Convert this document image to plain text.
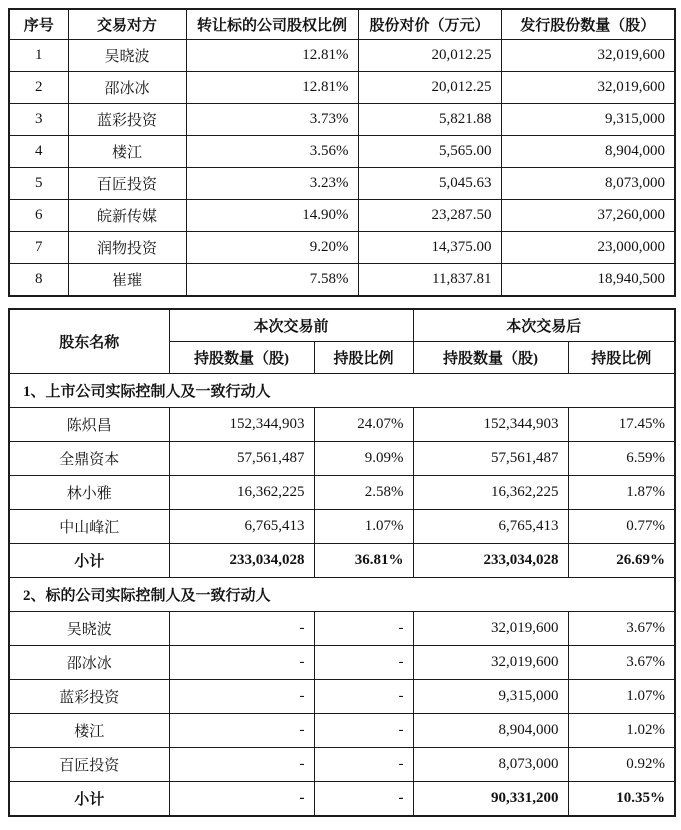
序号	交易对方	转让标的公司股权比例	股份对价（万元）	发行股份数量（股）
1	吴晓波	12.81%	20,012.25	32,019,600
2	邵冰冰	12.81%	20,012.25	32,019,600
3	蓝彩投资	3.73%	5,821.88	9,315,000
4	楼江	3.56%	5,565.00	8,904,000
5	百匠投资	3.23%	5,045.63	8,073,000
6	皖新传媒	14.90%	23,287.50	37,260,000
7	润物投资	9.20%	14,375.00	23,000,000
8	崔璀	7.58%	11,837.81	18,940,500
股东名称	本次交易前		本次交易后	
	持股数量（股)	持股比例	持股数量（股)	持股比例
1、上市公司实际控制人及一致行动人				
陈炽昌	152,344,903	24.07%	152,344,903	17.45%
全鼎资本	57,561,487	9.09%	57,561,487	6.59%
林小雅	16,362,225	2.58%	16,362,225	1.87%
中山峰汇	6,765,413	1.07%	6,765,413	0.77%
小计	233,034,028	36.81%	233,034,028	26.69%
2、标的公司实际控制人及一致行动人				
吴晓波	-	-	32,019,600	3.67%
邵冰冰	-	-	32,019,600	3.67%
蓝彩投资	-	-	9,315,000	1.07%
楼江	-	-	8,904,000	1.02%
百匠投资	-	-	8,073,000	0.92%
小计	-	-	90,331,200	10.35%
